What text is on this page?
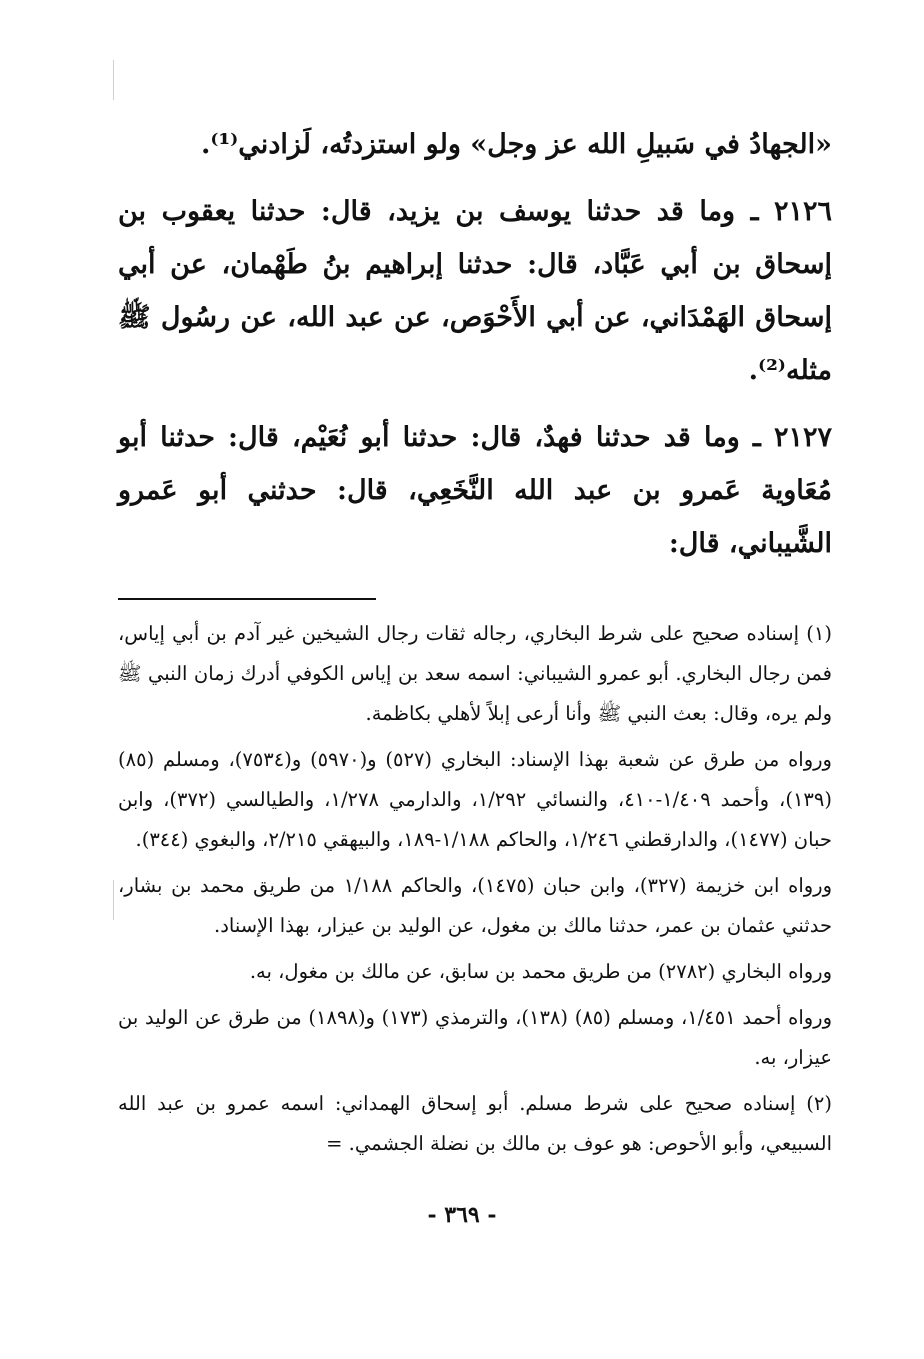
«الجهادُ في سَبيلِ الله عز وجل» ولو استزدتُه، لَزادني⁽¹⁾.

٢١٢٦ ـ وما قد حدثنا يوسف بن يزيد، قال: حدثنا يعقوب بن إسحاق بن أبي عَبَّاد، قال: حدثنا إبراهيم بنُ طَهْمان، عن أبي إسحاق الهَمْدَاني، عن أبي الأَحْوَص، عن عبد الله، عن رسُول ﷺ مثله⁽²⁾.

٢١٢٧ ـ وما قد حدثنا فهدٌ، قال: حدثنا أبو نُعَيْم، قال: حدثنا أبو مُعَاوية عَمرو بن عبد الله النَّخَعِي، قال: حدثني أبو عَمرو الشَّيباني، قال:

(١) إسناده صحيح على شرط البخاري، رجاله ثقات رجال الشيخين غير آدم بن أبي إياس، فمن رجال البخاري. أبو عمرو الشيباني: اسمه سعد بن إياس الكوفي أدرك زمان النبي ﷺ ولم يره، وقال: بعث النبي ﷺ وأنا أرعى إبلاً لأهلي بكاظمة.

ورواه من طرق عن شعبة بهذا الإسناد: البخاري (٥٢٧) و(٥٩٧٠) و(٧٥٣٤)، ومسلم (٨٥) (١٣٩)، وأحمد ١/٤٠٩-٤١٠، والنسائي ١/٢٩٢، والدارمي ١/٢٧٨، والطيالسي (٣٧٢)، وابن حبان (١٤٧٧)، والدارقطني ١/٢٤٦، والحاكم ١/١٨٨-١٨٩، والبيهقي ٢/٢١٥، والبغوي (٣٤٤).

ورواه ابن خزيمة (٣٢٧)، وابن حبان (١٤٧٥)، والحاكم ١/١٨٨ من طريق محمد بن بشار، حدثني عثمان بن عمر، حدثنا مالك بن مغول، عن الوليد بن عيزار، بهذا الإسناد.

ورواه البخاري (٢٧٨٢) من طريق محمد بن سابق، عن مالك بن مغول، به.

ورواه أحمد ١/٤٥١، ومسلم (٨٥) (١٣٨)، والترمذي (١٧٣) و(١٨٩٨) من طرق عن الوليد بن عيزار، به.

(٢) إسناده صحيح على شرط مسلم. أبو إسحاق الهمداني: اسمه عمرو بن عبد الله السبيعي، وأبو الأحوص: هو عوف بن مالك بن نضلة الجشمي. =

- ٣٦٩ -
